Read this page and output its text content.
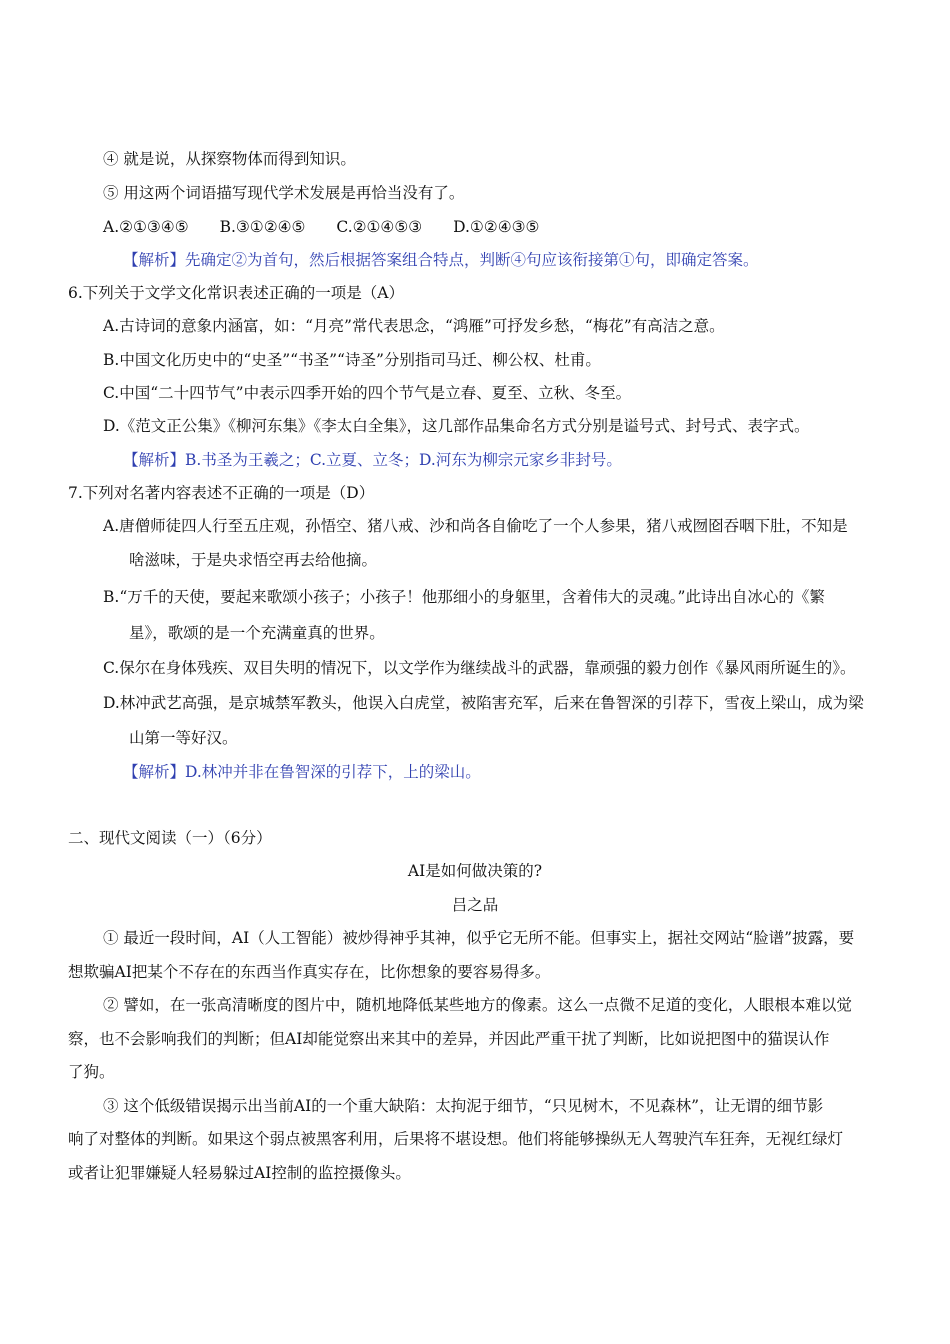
④ 就是说，从探察物体而得到知识。
⑤ 用这两个词语描写现代学术发展是再恰当没有了。
A.②①③④⑤　　B.③①②④⑤　　C.②①④⑤③　　D.①②④③⑤
【解析】先确定②为首句，然后根据答案组合特点，判断④句应该衔接第①句，即确定答案。
6.下列关于文学文化常识表述正确的一项是（A）
A.古诗词的意象内涵富，如：“月亮”常代表思念，“鸿雁”可抒发乡愁，“梅花”有高洁之意。
B.中国文化历史中的“史圣”“书圣”“诗圣”分别指司马迁、柳公权、杜甫。
C.中国“二十四节气”中表示四季开始的四个节气是立春、夏至、立秋、冬至。
D.《范文正公集》《柳河东集》《李太白全集》，这几部作品集命名方式分别是谥号式、封号式、表字式。
【解析】B.书圣为王羲之；C.立夏、立冬；D.河东为柳宗元家乡非封号。
7.下列对名著内容表述不正确的一项是（D）
A.唐僧师徒四人行至五庄观，孙悟空、猪八戒、沙和尚各自偷吃了一个人参果，猪八戒囫囵吞咽下肚，不知是
啥滋味，于是央求悟空再去给他摘。
B.“万千的天使，要起来歌颂小孩子；小孩子！他那细小的身躯里，含着伟大的灵魂。”此诗出自冰心的《繁
星》，歌颂的是一个充满童真的世界。
C.保尔在身体残疾、双目失明的情况下，以文学作为继续战斗的武器，靠顽强的毅力创作《暴风雨所诞生的》。
D.林冲武艺高强，是京城禁军教头，他误入白虎堂，被陷害充军，后来在鲁智深的引荐下，雪夜上梁山，成为梁
山第一等好汉。
【解析】D.林冲并非在鲁智深的引荐下，上的梁山。
二、现代文阅读（一）（6分）
AI是如何做决策的?
吕之品
① 最近一段时间，AI（人工智能）被炒得神乎其神，似乎它无所不能。但事实上，据社交网站“脸谱”披露，要
想欺骗AI把某个不存在的东西当作真实存在，比你想象的要容易得多。
② 譬如，在一张高清晰度的图片中，随机地降低某些地方的像素。这么一点微不足道的变化，人眼根本难以觉
察，也不会影响我们的判断；但AI却能觉察出来其中的差异，并因此严重干扰了判断，比如说把图中的猫误认作
了狗。
③ 这个低级错误揭示出当前AI的一个重大缺陷：太拘泥于细节，“只见树木，不见森林”，让无谓的细节影
响了对整体的判断。如果这个弱点被黑客利用，后果将不堪设想。他们将能够操纵无人驾驶汽车狂奔，无视红绿灯
或者让犯罪嫌疑人轻易躲过AI控制的监控摄像头。
